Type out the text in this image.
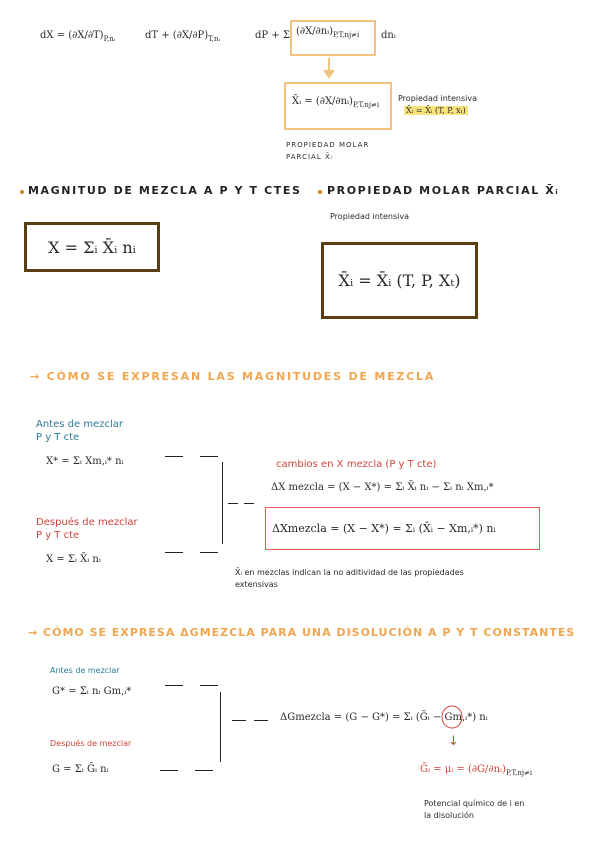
dX = $(\partial X/\partial T)_{P,nᵢ}$	dT + $(\partial X/\partial P)_{T,nᵢ}$	dP + Σᵢ $(\partial X/\partial nᵢ)_{P,T,nj\ne i}$	dnᵢ
X̄ᵢ = $(\partial X/\partial nᵢ)_{P,T,nj\ne i}$
Propiedad intensiva
X̄ᵢ = X̄ᵢ (T, P, xₜ)
PROPIEDAD MOLAR
PARCIAL X̄ᵢ
MAGNITUD DE MEZCLA A P Y T CTES PROPIEDAD MOLAR PARCIAL X̄ᵢ
Propiedad intensiva
X = Σᵢ X̄ᵢ nᵢ
X̄ᵢ = X̄ᵢ (T, P, Xₜ)
→ CÓMO SE EXPRESAN LAS MAGNITUDES DE MEZCLA
Antes de mezclar
P y T cte
X* = Σᵢ Xm,ᵢ* nᵢ
Después de mezclar
P y T cte
X = Σᵢ X̄ᵢ nᵢ
cambios en X mezcla (P y T cte)
ΔX mezcla = (X − X*) = Σᵢ X̄ᵢ nᵢ − Σᵢ nᵢ Xm,ᵢ*
ΔXmezcla = (X − X*) = Σᵢ (X̄ᵢ − Xm,ᵢ*) nᵢ
X̄ᵢ en mezclas indican la no aditividad de las propiedades
extensivas
→ CÓMO SE EXPRESA ΔGMEZCLA PARA UNA DISOLUCIÓN A P Y T CONSTANTES
Antes de mezclar
G* = Σᵢ nᵢ Gm,ᵢ*
Después de mezclar
G = Σᵢ Ḡᵢ nᵢ
ΔGmezcla = (G − G*) = Σᵢ (Ḡᵢ − Gm,ᵢ*) nᵢ
↓
Ḡᵢ = μᵢ = $(\partial G/\partial nᵢ)_{P,T,nj\ne i}$
Potencial químico de i en
la disolución
